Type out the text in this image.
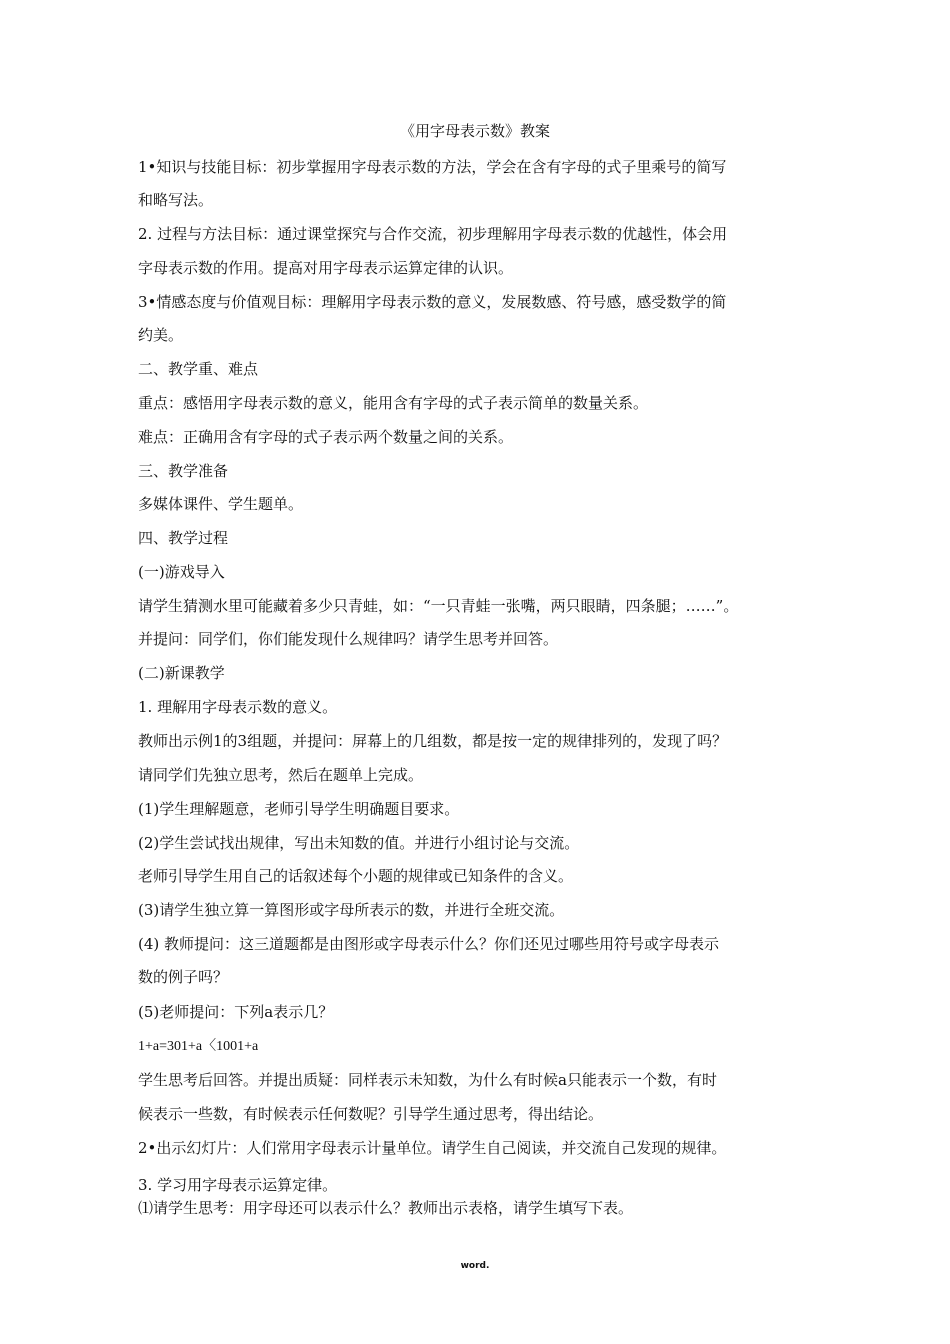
《用字母表示数》教案
1•知识与技能目标：初步掌握用字母表示数的方法，学会在含有字母的式子里乘号的简写
和略写法。
2. 过程与方法目标：通过课堂探究与合作交流，初步理解用字母表示数的优越性，体会用
字母表示数的作用。提高对用字母表示运算定律的认识。
3•情感态度与价值观目标：理解用字母表示数的意义，发展数感、符号感，感受数学的简
约美。
二、教学重、难点
重点：感悟用字母表示数的意义，能用含有字母的式子表示简单的数量关系。
难点：正确用含有字母的式子表示两个数量之间的关系。
三、教学准备
多媒体课件、学生题单。
四、教学过程
(一)游戏导入
请学生猜测水里可能藏着多少只青蛙，如：“一只青蛙一张嘴，两只眼睛，四条腿；……”。
并提问：同学们，你们能发现什么规律吗？请学生思考并回答。
(二)新课教学
1. 理解用字母表示数的意义。
教师出示例1的3组题，并提问：屏幕上的几组数，都是按一定的规律排列的，发现了吗？
请同学们先独立思考，然后在题单上完成。
(1)学生理解题意，老师引导学生明确题目要求。
(2)学生尝试找出规律，写出未知数的值。并进行小组讨论与交流。
老师引导学生用自己的话叙述每个小题的规律或已知条件的含义。
(3)请学生独立算一算图形或字母所表示的数，并进行全班交流。
(4) 教师提问：这三道题都是由图形或字母表示什么？你们还见过哪些用符号或字母表示
数的例子吗？
(5)老师提问：下列a表示几？
1+a=301+a〈1001+a
学生思考后回答。并提出质疑：同样表示未知数，为什么有时候a只能表示一个数，有时
候表示一些数，有时候表示任何数呢？引导学生通过思考，得出结论。
2•出示幻灯片：人们常用字母表示计量单位。请学生自己阅读，并交流自己发现的规律。
3. 学习用字母表示运算定律。
⑴请学生思考：用字母还可以表示什么？教师出示表格，请学生填写下表。
word.
